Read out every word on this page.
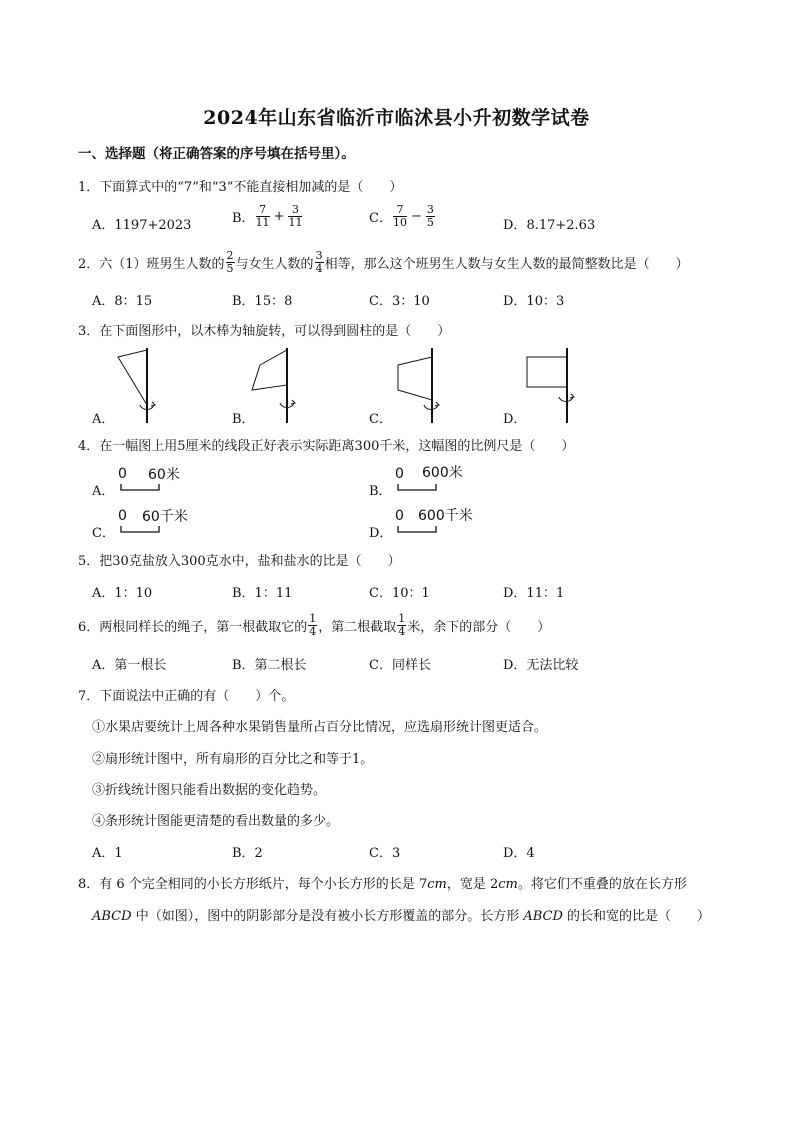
2024年山东省临沂市临沭县小升初数学试卷
一、选择题（将正确答案的序号填在括号里）。
1．下面算式中的“7”和“3”不能直接相加减的是（　　）
A．1197+2023	B． $\frac{7}{11} + \frac{3}{11}$	C． $\frac{7}{10} - \frac{3}{5}$	D．8.17+2.63
2．六（1）班男生人数的 $\frac{2}{5}$ 与女生人数的 $\frac{3}{4}$ 相等，那么这个班男生人数与女生人数的最简整数比是（　　）
A．8：15	B．15：8	C．3：10	D．10：3
3．在下面图形中，以木棒为轴旋转，可以得到圆柱的是（　　）
A．	B．	C．	D．
4．在一幅图上用5厘米的线段正好表示实际距离300千米，这幅图的比例尺是（　　）
A．
0 60米
B．
0 600米
C．
0 60千米
D．
0 600千米
5．把30克盐放入300克水中，盐和盐水的比是（　　）
A．1：10	B．1：11	C．10：1	D．11：1
6．两根同样长的绳子，第一根截取它的 $\frac{1}{4}$ ，第二根截取 $\frac{1}{4}$ 米，余下的部分（　　）
A．第一根长	B．第二根长	C．同样长	D．无法比较
7．下面说法中正确的有（　　）个。
①水果店要统计上周各种水果销售量所占百分比情况，应选扇形统计图更适合。
②扇形统计图中，所有扇形的百分比之和等于1。
③折线统计图只能看出数据的变化趋势。
④条形统计图能更清楚的看出数量的多少。
A．1	B．2	C．3	D．4
8．有 6 个完全相同的小长方形纸片，每个小长方形的长是 7cm，宽是 2cm。将它们不重叠的放在长方形
ABCD 中（如图），图中的阴影部分是没有被小长方形覆盖的部分。长方形 ABCD 的长和宽的比是（　　）
